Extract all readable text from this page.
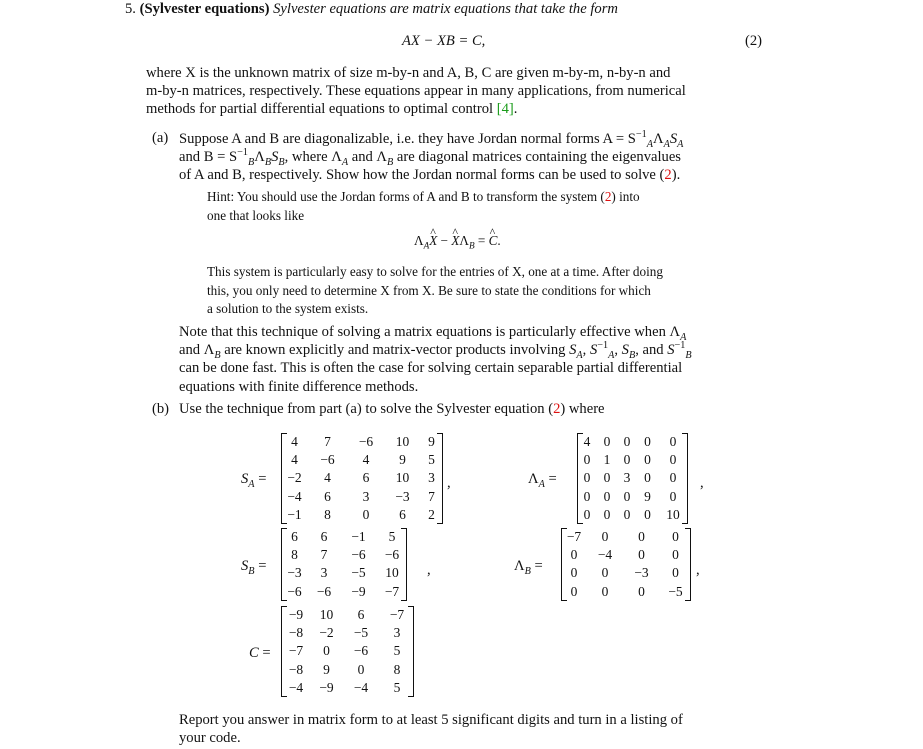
5. (Sylvester equations) Sylvester equations are matrix equations that take the form
AX − XB = C,	(2)
where X is the unknown matrix of size m-by-n and A, B, C are given m-by-m, n-by-n and
m-by-n matrices, respectively. These equations appear in many applications, from numerical
methods for partial differential equations to optimal control [4].
(a) Suppose A and B are diagonalizable, i.e. they have Jordan normal forms $A = S^{-1}_A\Lambda_AS_A$
and $B = S^{-1}_B\Lambda_BS_B$, where $\Lambda_A$ and $\Lambda_B$ are diagonal matrices containing the eigenvalues
of A and B, respectively. Show how the Jordan normal forms can be used to solve (2).
Hint: You should use the Jordan forms of A and B to transform the system (2) into
one that looks like
$\Lambda_A\^{}$ X − ^ $X\Lambda_B$ = ^ C.
This system is particularly easy to solve for the entries of X, one at a time. After doing
this, you only need to determine X from X. Be sure to state the conditions for which
a solution to the system exists.
Note that this technique of solving a matrix equations is particularly effective when $\Lambda_A$
and $\Lambda_B$ are known explicitly and matrix-vector products involving $S_A$, $S^{-1}_A$, $S_B$, and $S^{-1}_B$
can be done fast. This is often the case for solving certain separable partial differential
equations with finite difference methods.
(b) Use the technique from part (a) to solve the Sylvester equation (2) where
$S_A$ =	$\Lambda_A$ =
$S_B$ =	$\Lambda_B$ =
C =
4	7	−6	10	9
4	−6	4	9	5
−2	4	6	10	3
−4	6	3	−3	7
−1	8	0	6	2
,
4	0	0	0	0
0	1	0	0	0
0	0	3	0	0
0	0	0	9	0
0	0	0	0	10
,
6	6	−1	5
8	7	−6	−6
−3	3	−5	10
−6	−6	−9	−7
,
−7	0	0	0
0	−4	0	0
0	0	−3	0
0	0	0	−5
,
−9	10	6	−7
−8	−2	−5	3
−7	0	−6	5
−8	9	0	8
−4	−9	−4	5
Report you answer in matrix form to at least 5 significant digits and turn in a listing of
your code.
